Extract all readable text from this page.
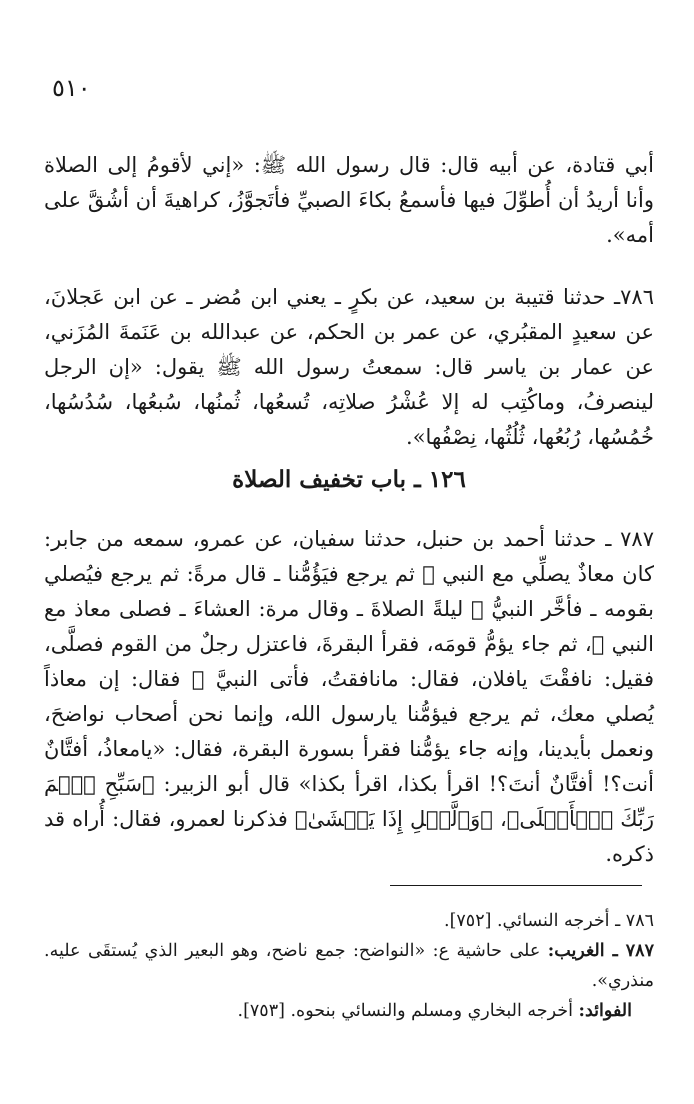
٥١٠

أبي قتادة، عن أبيه قال: قال رسول الله ﷺ: «إني لأقومُ إلى الصلاة وأنا أريدُ أن أُطوِّلَ فيها فأسمعُ بكاءَ الصبيِّ فأتَجوَّزُ، كراهيةَ أن أشُقَّ على أمه».

٧٨٦ـ حدثنا قتيبة بن سعيد، عن بكرٍ ـ يعني ابن مُضر ـ عن ابن عَجلانَ، عن سعيدٍ المقبُري، عن عمر بن الحكم، عن عبدالله بن عَنَمةَ المُزَني، عن عمار بن ياسر قال: سمعتُ رسول الله ﷺ يقول: «إن الرجل لينصرفُ، وماكُتِب له إلا عُشْرُ صلاتِه، تُسعُها، ثُمنُها، سُبعُها، سُدُسُها، خُمُسُها، رُبُعُها، ثُلُثُها، نِصْفُها».

١٢٦ ـ باب تخفيف الصلاة

٧٨٧ ـ حدثنا أحمد بن حنبل، حدثنا سفيان، عن عمرو، سمعه من جابر: كان معاذٌ يصلِّي مع النبي ﷺ ثم يرجع فيَؤُمُّنا ـ قال مرةً: ثم يرجع فيُصلي بقومه ـ فأخَّر النبيُّ ﷺ ليلةً الصلاةَ ـ وقال مرة: العشاءَ ـ فصلى معاذ مع النبي ﷺ، ثم جاء يؤمُّ قومَه، فقرأ البقرةَ، فاعتزل رجلٌ من القوم فصلَّى، فقيل: نافقْتَ يافلان، فقال: مانافقتُ، فأتى النبيَّ ﷺ فقال: إن معاذاً يُصلي معك، ثم يرجع فيؤمُّنا يارسول الله، وإنما نحن أصحاب نواضحَ، ونعمل بأيدينا، وإنه جاء يؤمُّنا فقرأ بسورة البقرة، فقال: «يامعاذُ، أفتَّانٌ أنت؟! أفتَّانٌ أنتَ؟! اقرأ بكذا، اقرأ بكذا» قال أبو الزبير: ﴿سَبِّحِ ٱسۡمَ رَبِّكَ ٱلۡأَعۡلَى﴾، ﴿وَٱلَّيۡلِ إِذَا يَغۡشَىٰ﴾ فذكرنا لعمرو، فقال: أُراه قد ذكره.

٧٨٦ ـ أخرجه النسائي. [٧٥٢].
٧٨٧ ـ الغريب: على حاشية ع: «النواضح: جمع ناضح، وهو البعير الذي يُستقَى عليه. منذري».
الفوائد: أخرجه البخاري ومسلم والنسائي بنحوه. [٧٥٣].
